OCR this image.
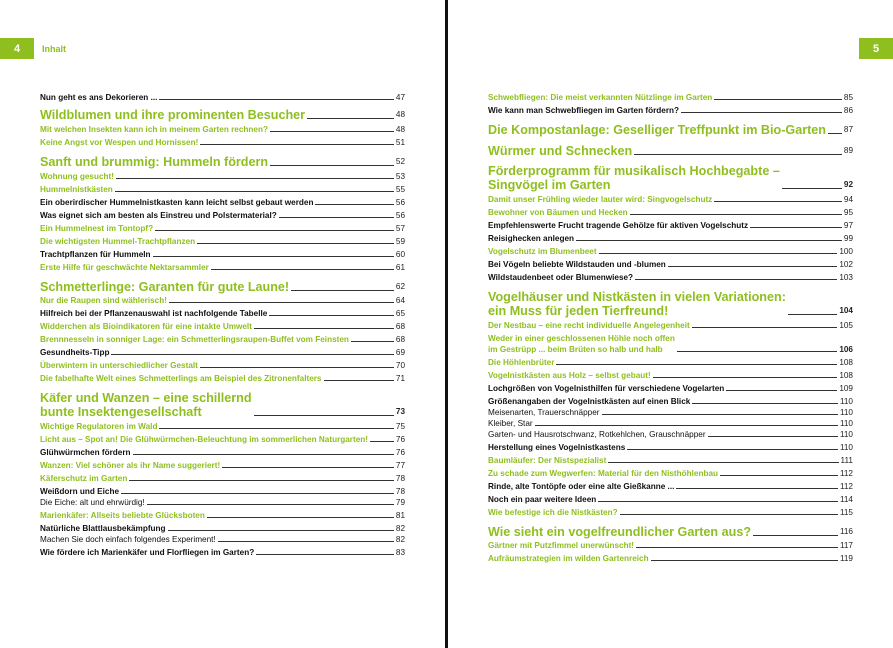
4	Inhalt	5
Nun geht es ans Dekorieren ...	47
Wildblumen und ihre prominenten Besucher	48
Mit welchen Insekten kann ich in meinem Garten rechnen?	48
Keine Angst vor Wespen und Hornissen!	51
Sanft und brummig: Hummeln fördern	52
Wohnung gesucht!	53
Hummelnistkästen	55
Ein oberirdischer Hummelnistkasten kann leicht selbst gebaut werden	56
Was eignet sich am besten als Einstreu und Polstermaterial?	56
Ein Hummelnest im Tontopf?	57
Die wichtigsten Hummel-Trachtpflanzen	59
Trachtpflanzen für Hummeln	60
Erste Hilfe für geschwächte Nektarsammler	61
Schmetterlinge: Garanten für gute Laune!	62
Nur die Raupen sind wählerisch!	64
Hilfreich bei der Pflanzenauswahl ist nachfolgende Tabelle	65
Widderchen als Bioindikatoren für eine intakte Umwelt	68
Brennnesseln in sonniger Lage: ein Schmetterlingsraupen-Buffet vom Feinsten	68
Gesundheits-Tipp	69
Überwintern in unterschiedlicher Gestalt	70
Die fabelhafte Welt eines Schmetterlings am Beispiel des Zitronenfalters	71
Käfer und Wanzen – eine schillernd
bunte Insektengesellschaft	73
Wichtige Regulatoren im Wald	75
Licht aus – Spot an! Die Glühwürmchen-Beleuchtung im sommerlichen Naturgarten!	76
Glühwürmchen fördern	76
Wanzen: Viel schöner als ihr Name suggeriert!	77
Käferschutz im Garten	78
Weißdorn und Eiche	78
Die Eiche: alt und ehrwürdig!	79
Marienkäfer: Allseits beliebte Glücksboten	81
Natürliche Blattlausbekämpfung	82
Machen Sie doch einfach folgendes Experiment!	82
Wie fördere ich Marienkäfer und Florfliegen im Garten?	83
Schwebfliegen: Die meist verkannten Nützlinge im Garten	85
Wie kann man Schwebfliegen im Garten fördern?	86
Die Kompostanlage: Geselliger Treffpunkt im Bio-Garten 87
Würmer und Schnecken	89
Förderprogramm für musikalisch Hochbegabte –
Singvögel im Garten	92
Damit unser Frühling wieder lauter wird: Singvogelschutz	94
Bewohner von Bäumen und Hecken	95
Empfehlenswerte Frucht tragende Gehölze für aktiven Vogelschutz	97
Reisighecken anlegen	99
Vogelschutz im Blumenbeet	100
Bei Vögeln beliebte Wildstauden und -blumen	102
Wildstaudenbeet oder Blumenwiese?	103
Vogelhäuser und Nistkästen in vielen Variationen:
ein Muss für jeden Tierfreund!	104
Der Nestbau – eine recht individuelle Angelegenheit	105
Weder in einer geschlossenen Höhle noch offen
im Gestrüpp ... beim Brüten so halb und halb	106
Die Höhlenbrüter	108
Vogelnistkästen aus Holz – selbst gebaut!	108
Lochgrößen von Vogelnisthilfen für verschiedene Vogelarten	109
Größenangaben der Vogelnistkästen auf einen Blick	110
Meisenarten, Trauerschnäpper	110
Kleiber, Star	110
Garten- und Hausrotschwanz, Rotkehlchen, Grauschnäpper	110
Herstellung eines Vogelnistkastens	110
Baumläufer: Der Nistspezialist	111
Zu schade zum Wegwerfen: Material für den Nisthöhlenbau	112
Rinde, alte Tontöpfe oder eine alte Gießkanne ...	112
Noch ein paar weitere Ideen	114
Wie befestige ich die Nistkästen?	115
Wie sieht ein vogelfreundlicher Garten aus?	116
Gärtner mit Putzfimmel unerwünscht!	117
Aufräumstrategien im wilden Gartenreich	119
